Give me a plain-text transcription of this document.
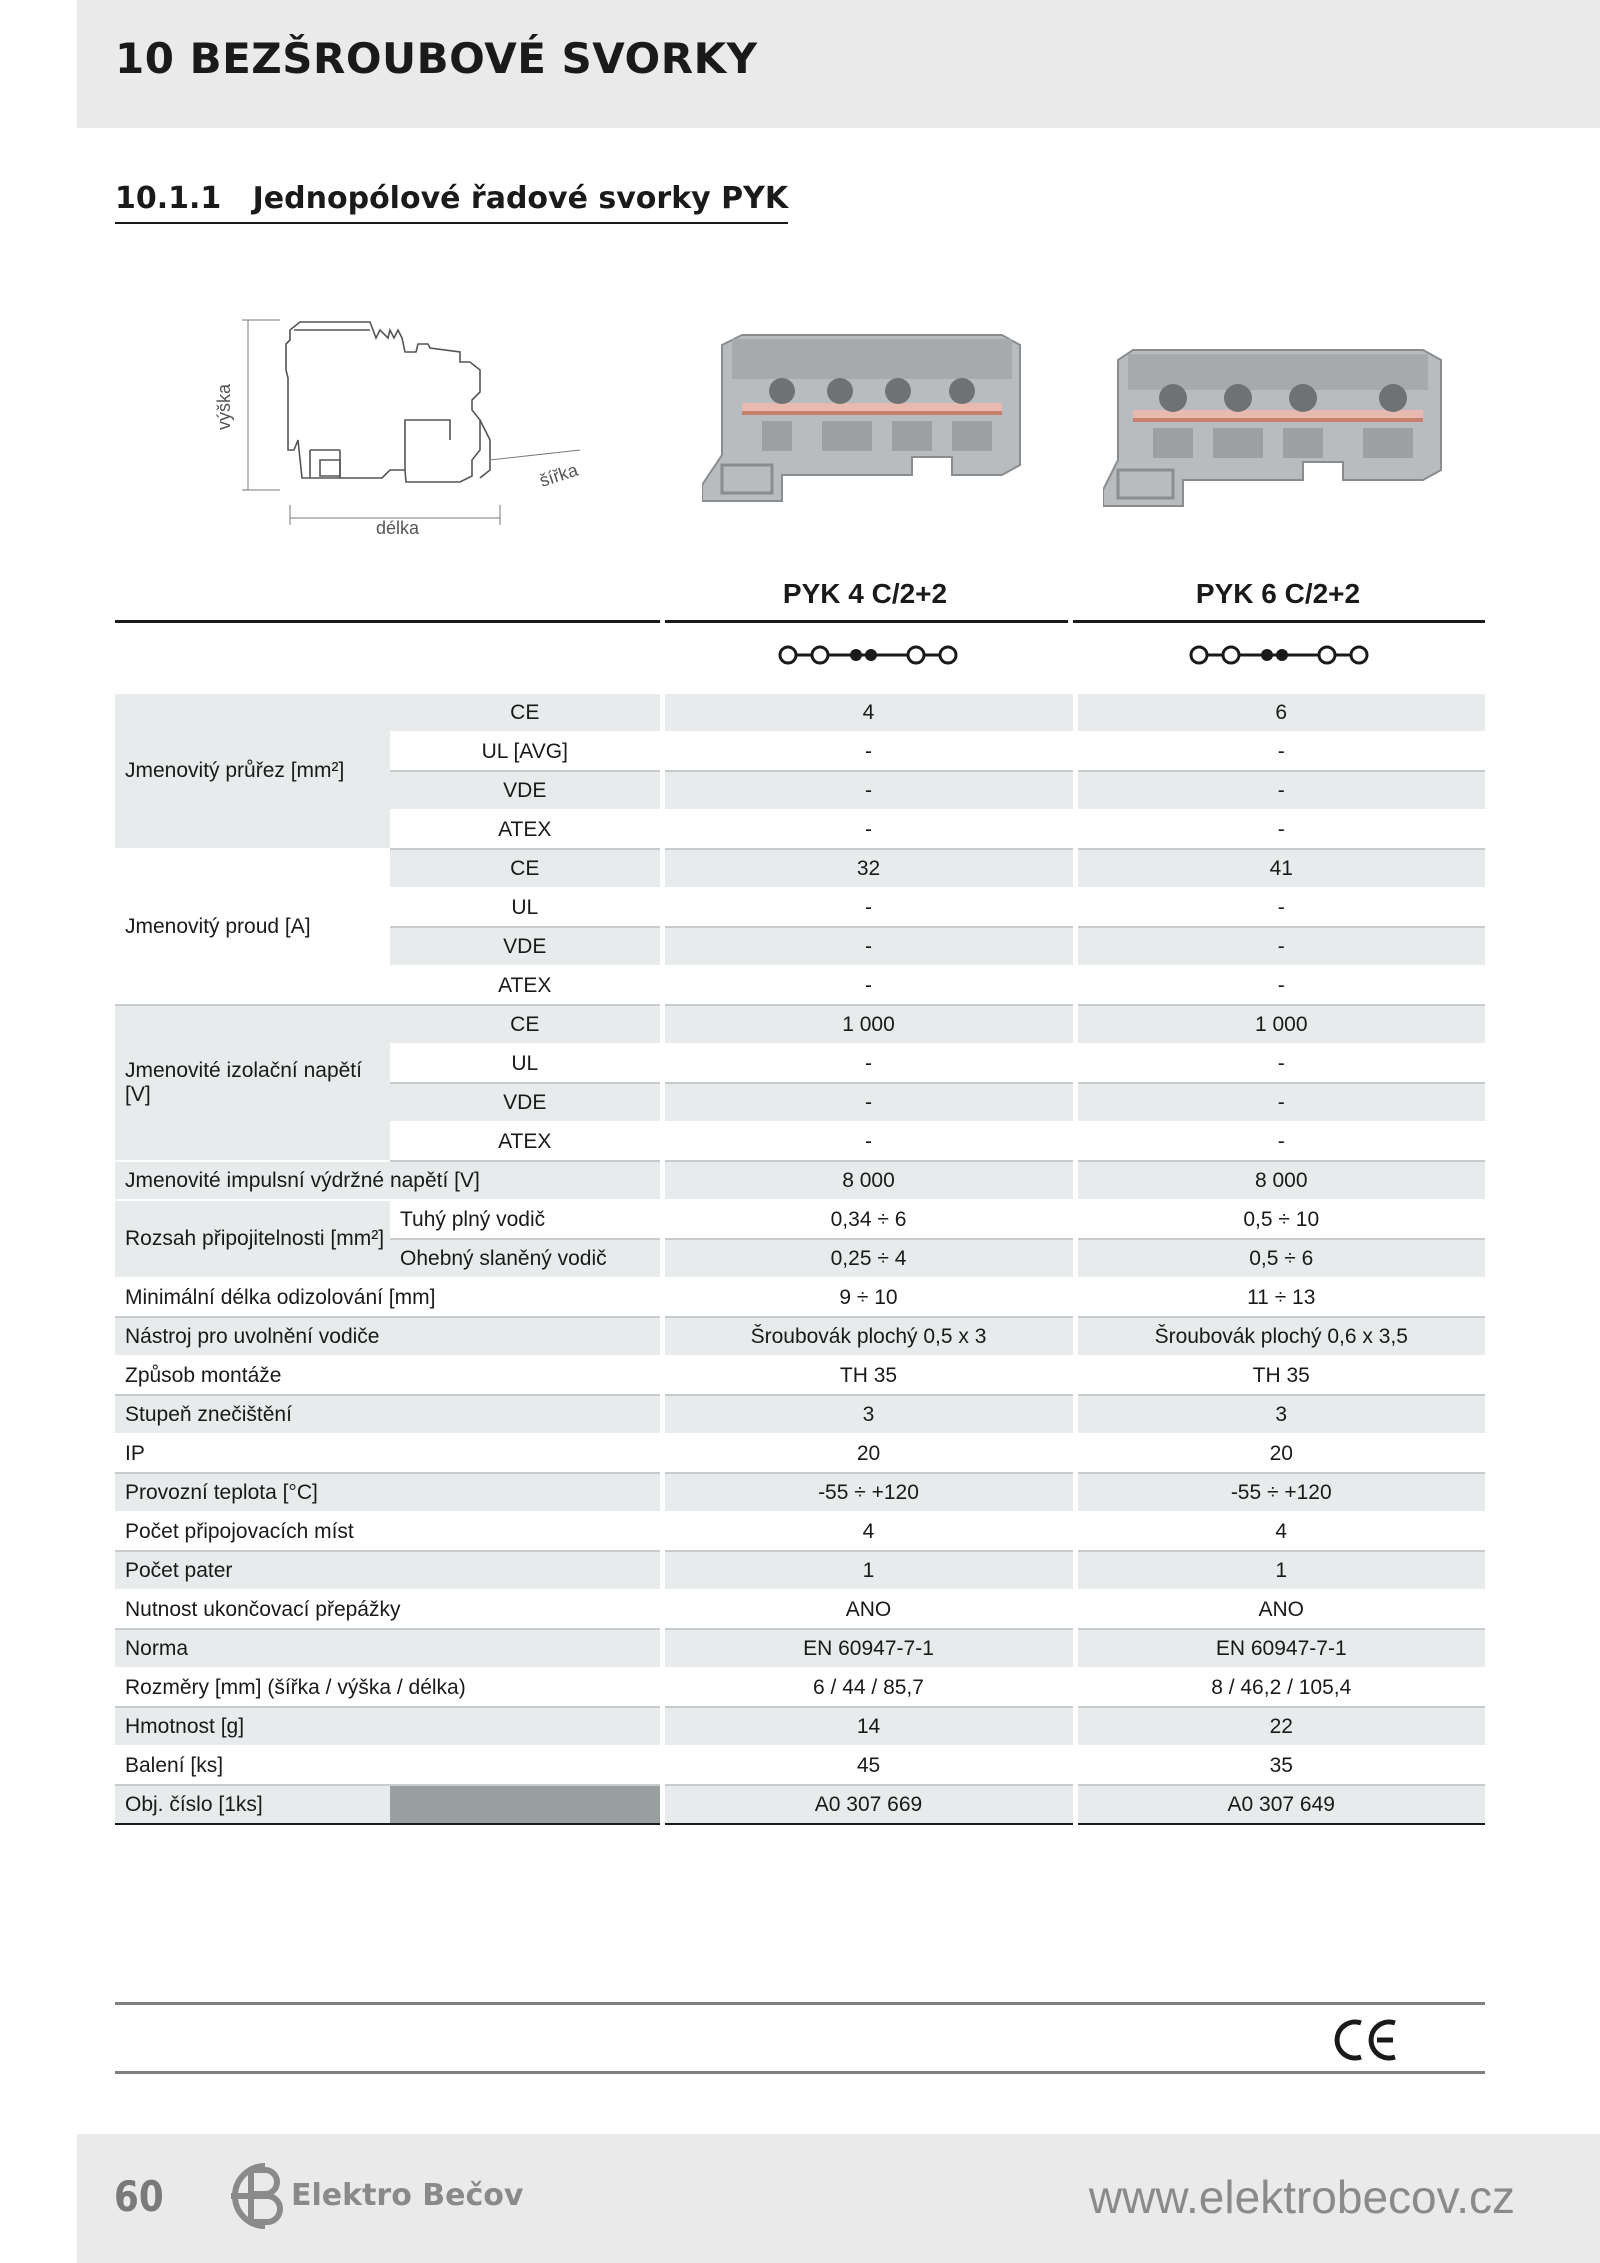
10 BEZŠROUBOVÉ SVORKY
10.1.1 Jednopólové řadové svorky PYK
výška
šířka
délka
PYK 4 C/2+2	PYK 6 C/2+2
Jmenovitý průřez [mm²]	CE	4	6
	UL [AVG]	-	-
	VDE	-	-
	ATEX	-	-
Jmenovitý proud [A]	CE	32	41
	UL	-	-
	VDE	-	-
	ATEX	-	-
Jmenovité izolační napětí [V]	CE	1 000	1 000
	UL	-	-
	VDE	-	-
	ATEX	-	-
Jmenovité impulsní výdržné napětí [V]		8 000	8 000
Rozsah připojitelnosti [mm²]	Tuhý plný vodič	0,34 ÷ 6	0,5 ÷ 10
	Ohebný slaněný vodič	0,25 ÷ 4	0,5 ÷ 6
Minimální délka odizolování [mm]		9 ÷ 10	11 ÷ 13
Nástroj pro uvolnění vodiče		Šroubovák plochý 0,5 x 3	Šroubovák plochý 0,6 x 3,5
Způsob montáže		TH 35	TH 35
Stupeň znečištění		3	3
IP		20	20
Provozní teplota [°C]		-55 ÷ +120	-55 ÷ +120
Počet připojovacích míst		4	4
Počet pater		1	1
Nutnost ukončovací přepážky		ANO	ANO
Norma		EN 60947-7-1	EN 60947-7-1
Rozměry [mm] (šířka / výška / délka)		6 / 44 / 85,7	8 / 46,2 / 105,4
Hmotnost [g]		14	22
Balení [ks]		45	35
Obj. číslo [1ks]		A0 307 669	A0 307 649

60	Elektro Bečov	www.elektrobecov.cz
